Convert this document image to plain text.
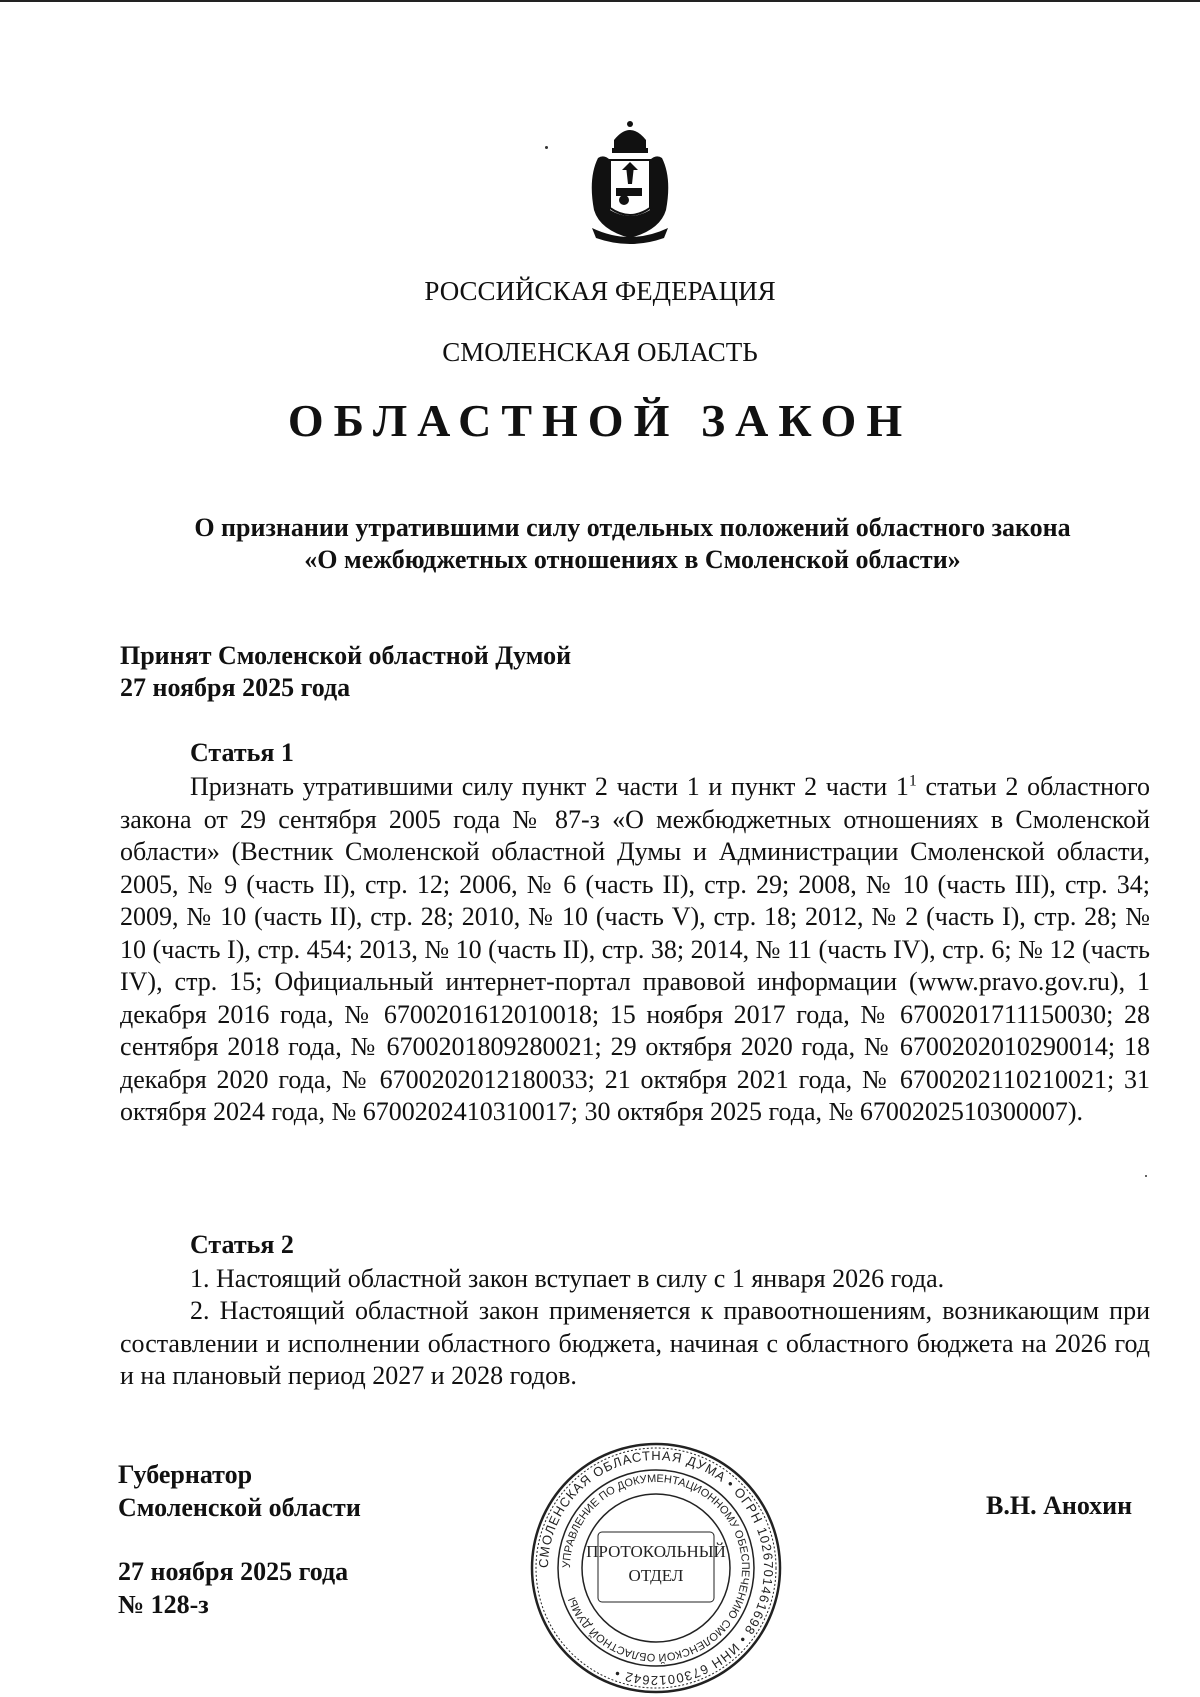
РОССИЙСКАЯ ФЕДЕРАЦИЯ
СМОЛЕНСКАЯ ОБЛАСТЬ
ОБЛАСТНОЙ ЗАКОН
О признании утратившими силу отдельных положений областного закона
«О межбюджетных отношениях в Смоленской области»
Принят Смоленской областной Думой
27 ноября 2025 года
Статья 1
Признать утратившими силу пункт 2 части 1 и пункт 2 части $1^1$ статьи 2 областного закона от 29 сентября 2005 года № 87-з «О межбюджетных отношениях в Смоленской области» (Вестник Смоленской областной Думы и Администрации Смоленской области, 2005, № 9 (часть II), стр. 12; 2006, № 6 (часть II), стр. 29; 2008, № 10 (часть III), стр. 34; 2009, № 10 (часть II), стр. 28; 2010, № 10 (часть V), стр. 18; 2012, № 2 (часть I), стр. 28; № 10 (часть I), стр. 454; 2013, № 10 (часть II), стр. 38; 2014, № 11 (часть IV), стр. 6; № 12 (часть IV), стр. 15; Официальный интернет-портал правовой информации (www.pravo.gov.ru), 1 декабря 2016 года, № 6700201612010018; 15 ноября 2017 года, № 6700201711150030; 28 сентября 2018 года, № 6700201809280021; 29 октября 2020 года, № 6700202010290014; 18 декабря 2020 года, № 6700202012180033; 21 октября 2021 года, № 6700202110210021; 31 октября 2024 года, № 6700202410310017; 30 октября 2025 года, № 6700202510300007).
Статья 2
1. Настоящий областной закон вступает в силу с 1 января 2026 года.
2. Настоящий областной закон применяется к правоотношениям, возникающим при составлении и исполнении областного бюджета, начиная с областного бюджета на 2026 год и на плановый период 2027 и 2028 годов.
Губернатор
Смоленской области
27 ноября 2025 года
№ 128-з
В.Н. Анохин
СМОЛЕНСКАЯ ОБЛАСТНАЯ ДУМА • ОГРН 1026701461698 • ИНН 6730012642 •
УПРАВЛЕНИЕ ПО ДОКУМЕНТАЦИОННОМУ ОБЕСПЕЧЕНИЮ СМОЛЕНСКОЙ ОБЛАСТНОЙ ДУМЫ
ПРОТОКОЛЬНЫЙ
ОТДЕЛ
